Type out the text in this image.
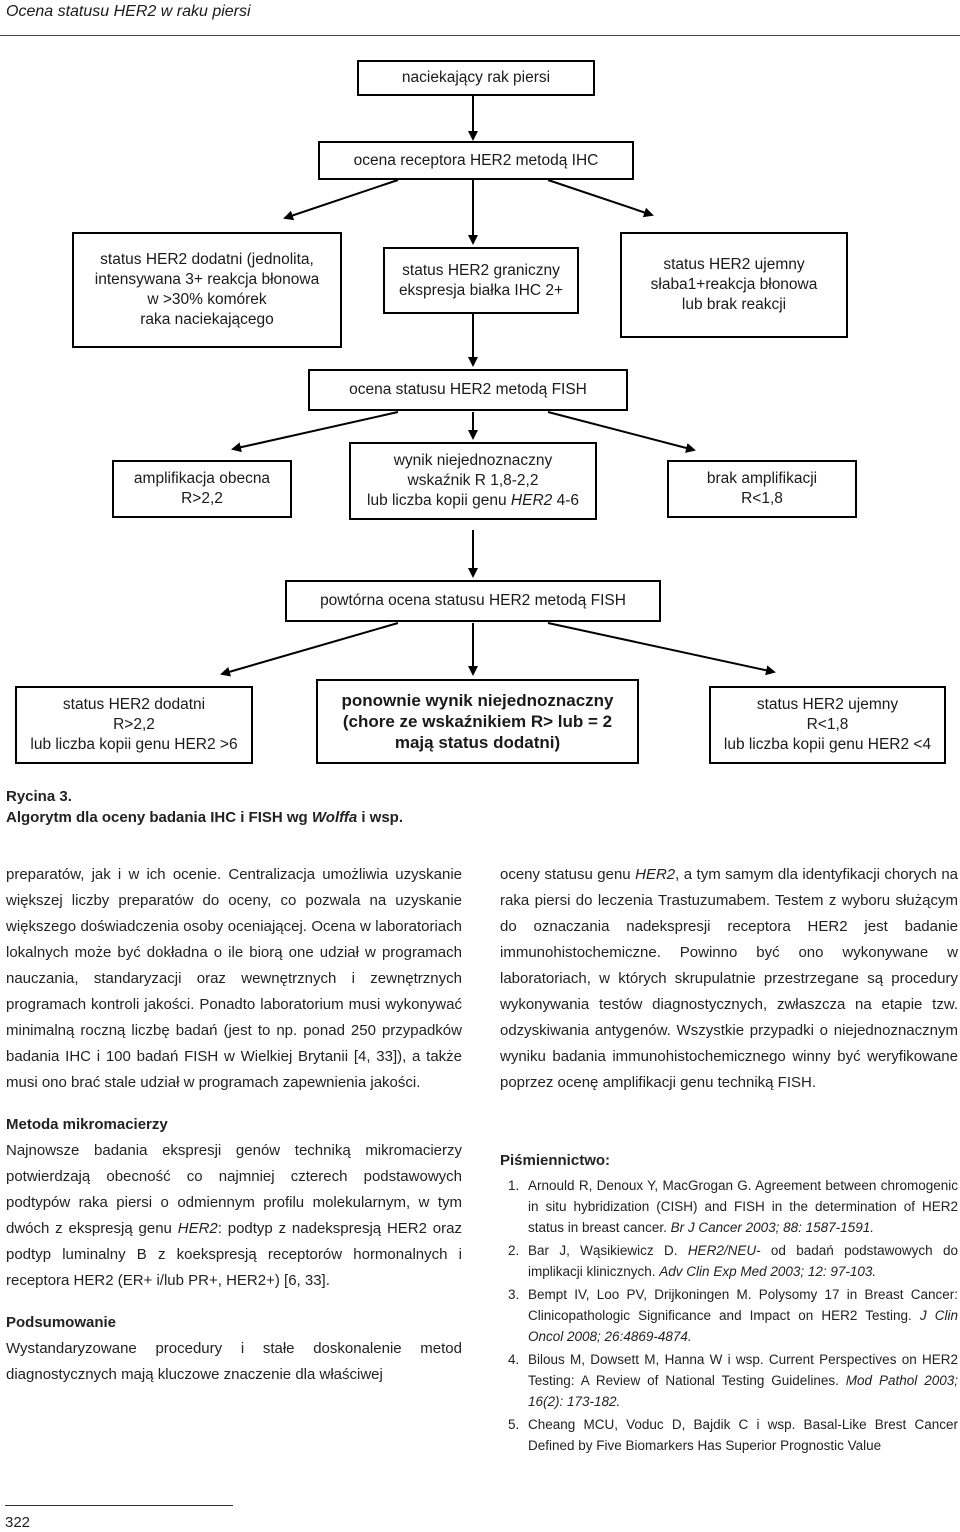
Ocena statusu HER2 w raku piersi
naciekający rak piersi
ocena receptora HER2 metodą IHC
status HER2 dodatni (jednolita,
intensywana 3+ reakcja błonowa
w >30% komórek
raka naciekającego
status HER2 graniczny
ekspresja białka IHC 2+
status HER2 ujemny
słaba1+reakcja błonowa
lub brak reakcji
ocena statusu HER2 metodą FISH
amplifikacja obecna
R>2,2
wynik niejednoznaczny
wskaźnik R 1,8-2,2
lub liczba kopii genu HER2 4-6
brak amplifikacji
R<1,8
powtórna ocena statusu HER2 metodą FISH
status HER2 dodatni
R>2,2
lub liczba kopii genu HER2 >6
ponownie wynik niejednoznaczny
(chore ze wskaźnikiem R> lub = 2
mają status dodatni)
status HER2 ujemny
R<1,8
lub liczba kopii genu HER2 <4
Rycina 3.
Algorytm dla oceny badania IHC i FISH wg Wolffa i wsp.

preparatów, jak i w ich ocenie. Centralizacja umożliwia uzyskanie większej liczby preparatów do oceny, co pozwala na uzyskanie większego doświadczenia osoby oceniającej. Ocena w laboratoriach lokalnych może być dokładna o ile biorą one udział w programach nauczania, standaryzacji oraz wewnętrznych i zewnętrznych programach kontroli jakości. Ponadto laboratorium musi wykonywać minimalną roczną liczbę badań (jest to np. ponad 250 przypadków badania IHC i 100 badań FISH w Wielkiej Brytanii [4, 33]), a także musi ono brać stale udział w programach zapewnienia jakości.

Metoda mikromacierzy

Najnowsze badania ekspresji genów techniką mikromacierzy potwierdzają obecność co najmniej czterech podstawowych podtypów raka piersi o odmiennym profilu molekularnym, w tym dwóch z ekspresją genu HER2: podtyp z nadekspresją HER2 oraz podtyp luminalny B z koekspresją receptorów hormonalnych i receptora HER2 (ER+ i/lub PR+, HER2+) [6, 33].

Podsumowanie

Wystandaryzowane procedury i stałe doskonalenie metod diagnostycznych mają kluczowe znaczenie dla właściwej

oceny statusu genu HER2, a tym samym dla identyfikacji chorych na raka piersi do leczenia Trastuzumabem. Testem z wyboru służącym do oznaczania nadekspresji receptora HER2 jest badanie immunohistochemiczne. Powinno być ono wykonywane w laboratoriach, w których skrupulatnie przestrzegane są procedury wykonywania testów diagnostycznych, zwłaszcza na etapie tzw. odzyskiwania antygenów. Wszystkie przypadki o niejednoznacznym wyniku badania immunohistochemicznego winny być weryfikowane poprzez ocenę amplifikacji genu techniką FISH.

Piśmiennictwo:
1. Arnould R, Denoux Y, MacGrogan G. Agreement between chromogenic in situ hybridization (CISH) and FISH in the determination of HER2 status in breast cancer. Br J Cancer 2003; 88: 1587-1591.
2. Bar J, Wąsikiewicz D. HER2/NEU- od badań podstawowych do implikacji klinicznych. Adv Clin Exp Med 2003; 12: 97-103.
3. Bempt IV, Loo PV, Drijkoningen M. Polysomy 17 in Breast Cancer: Clinicopathologic Significance and Impact on HER2 Testing. J Clin Oncol 2008; 26:4869-4874.
4. Bilous M, Dowsett M, Hanna W i wsp. Current Perspectives on HER2 Testing: A Review of National Testing Guidelines. Mod Pathol 2003; 16(2): 173-182.
5. Cheang MCU, Voduc D, Bajdik C i wsp. Basal-Like Brest Cancer Defined by Five Biomarkers Has Superior Prognostic Value
322
